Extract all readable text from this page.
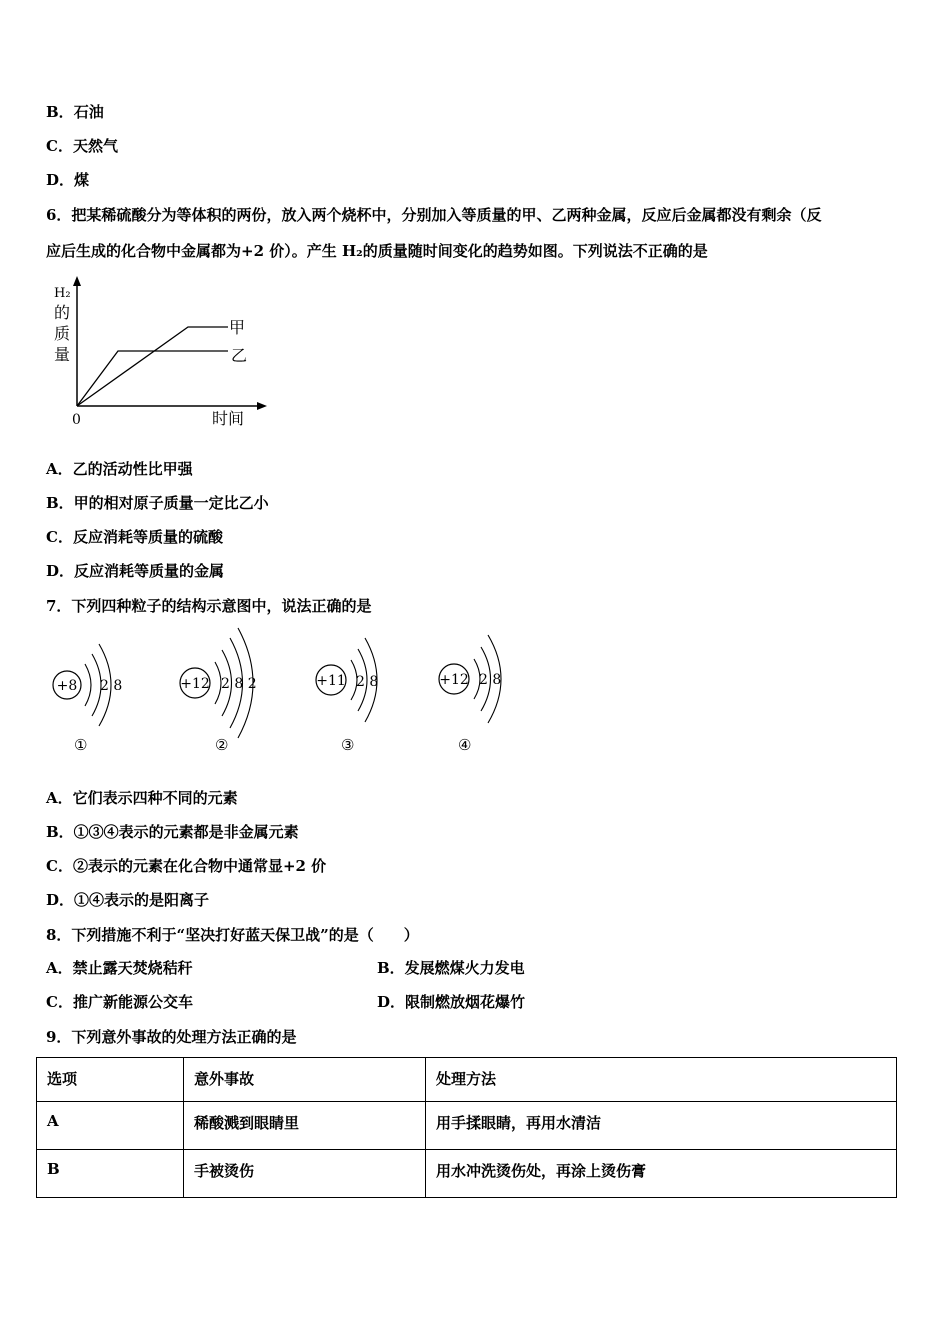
B．石油
C．天然气
D．煤
6．把某稀硫酸分为等体积的两份，放入两个烧杯中，分别加入等质量的甲、乙两种金属，反应后金属都没有剩余（反
应后生成的化合物中金属都为+2 价）。产生 H₂的质量随时间变化的趋势如图。下列说法不正确的是
H₂
的
质
量
0	时间
甲
乙
A．乙的活动性比甲强
B．甲的相对原子质量一定比乙小
C．反应消耗等质量的硫酸
D．反应消耗等质量的金属
7．下列四种粒子的结构示意图中，说法正确的是
+8 2 8
①
+12 2 8 2
②
+11 2 8
③
+12 2 8
④
A．它们表示四种不同的元素
B．①③④表示的元素都是非金属元素
C．②表示的元素在化合物中通常显+2 价
D．①④表示的是阳离子
8．下列措施不利于“坚决打好蓝天保卫战”的是（　　）
A．禁止露天焚烧秸秆	B．发展燃煤火力发电
C．推广新能源公交车	D．限制燃放烟花爆竹
9．下列意外事故的处理方法正确的是
选项	意外事故	处理方法
A	稀酸溅到眼睛里	用手揉眼睛，再用水清洁
B	手被烫伤	用水冲洗烫伤处，再涂上烫伤膏
